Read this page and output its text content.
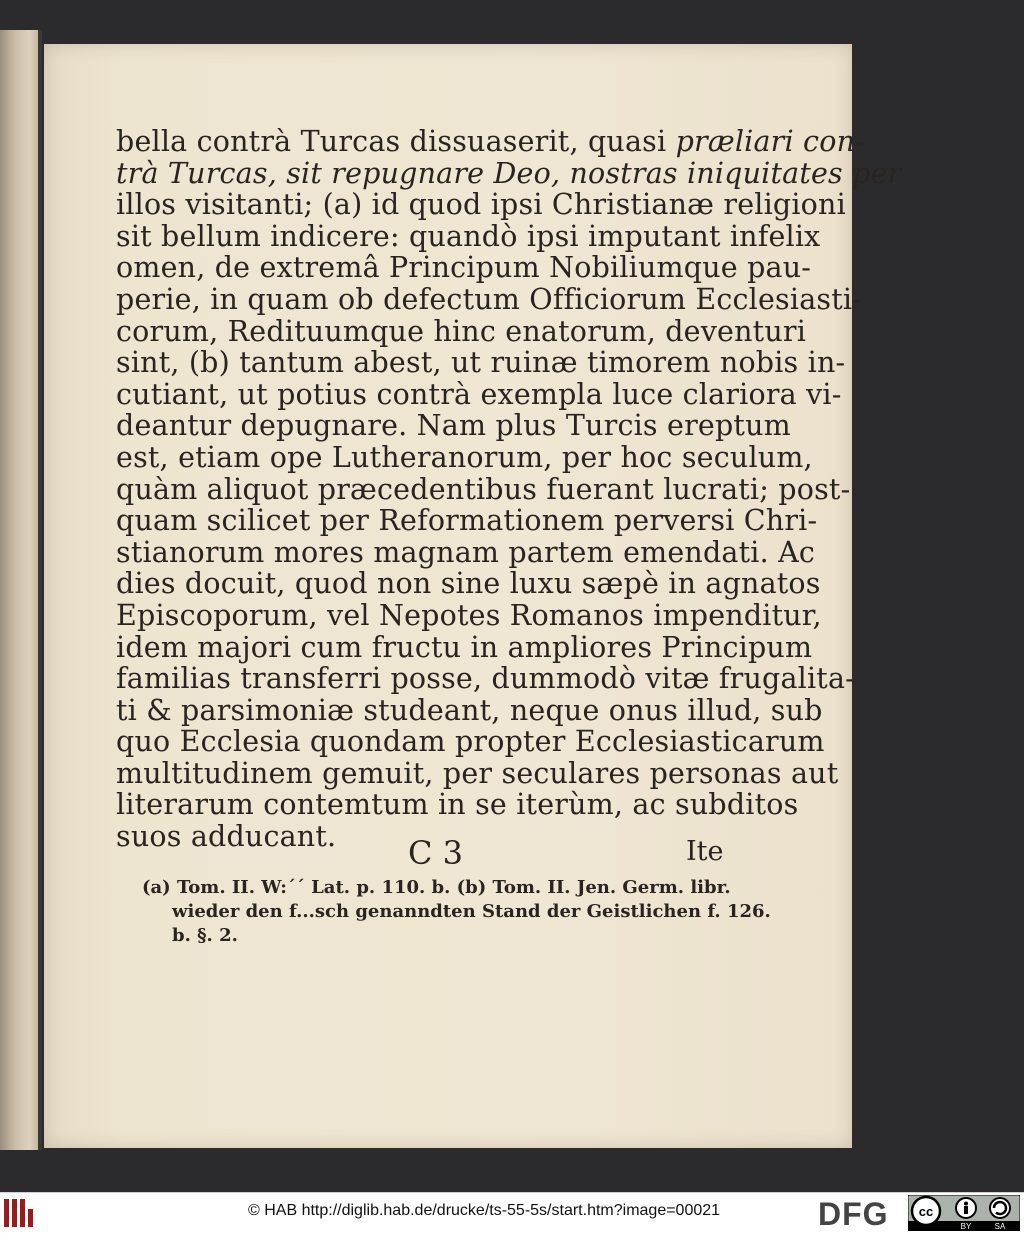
bella contrà Turcas dissuaserit, quasi præliari con-
trà Turcas, sit repugnare Deo, nostras iniquitates per
illos visitanti; (a) id quod ipsi Christianæ religioni
sit bellum indicere: quandò ipsi imputant infelix
omen, de extremâ Principum Nobiliumque pau-
perie, in quam ob defectum Officiorum Ecclesiasti-
corum, Redituumque hinc enatorum, deventuri
sint, (b) tantum abest, ut ruinæ timorem nobis in-
cutiant, ut potius contrà exempla luce clariora vi-
deantur depugnare. Nam plus Turcis ereptum
est, etiam ope Lutheranorum, per hoc seculum,
quàm aliquot præcedentibus fuerant lucrati; post-
quam scilicet per Reformationem perversi Chri-
stianorum mores magnam partem emendati. Ac
dies docuit, quod non sine luxu sæpè in agnatos
Episcoporum, vel Nepotes Romanos impenditur,
idem majori cum fructu in ampliores Principum
familias transferri posse, dummodò vitæ frugalita-
ti & parsimoniæ studeant, neque onus illud, sub
quo Ecclesia quondam propter Ecclesiasticarum
multitudinem gemuit, per seculares personas aut
literarum contemtum in se iterùm, ac subditos
suos adducant.	C 3	Ite
(a) Tom. II. W:´´ Lat. p. 110. b. (b) Tom. II. Jen. Germ. libr.
wieder den f...sch genanndten Stand der Geistlichen f. 126.
b. §. 2.
© HAB http://diglib.hab.de/drucke/ts-55-5s/start.htm?image=00021	DFG cc
BY	SA
